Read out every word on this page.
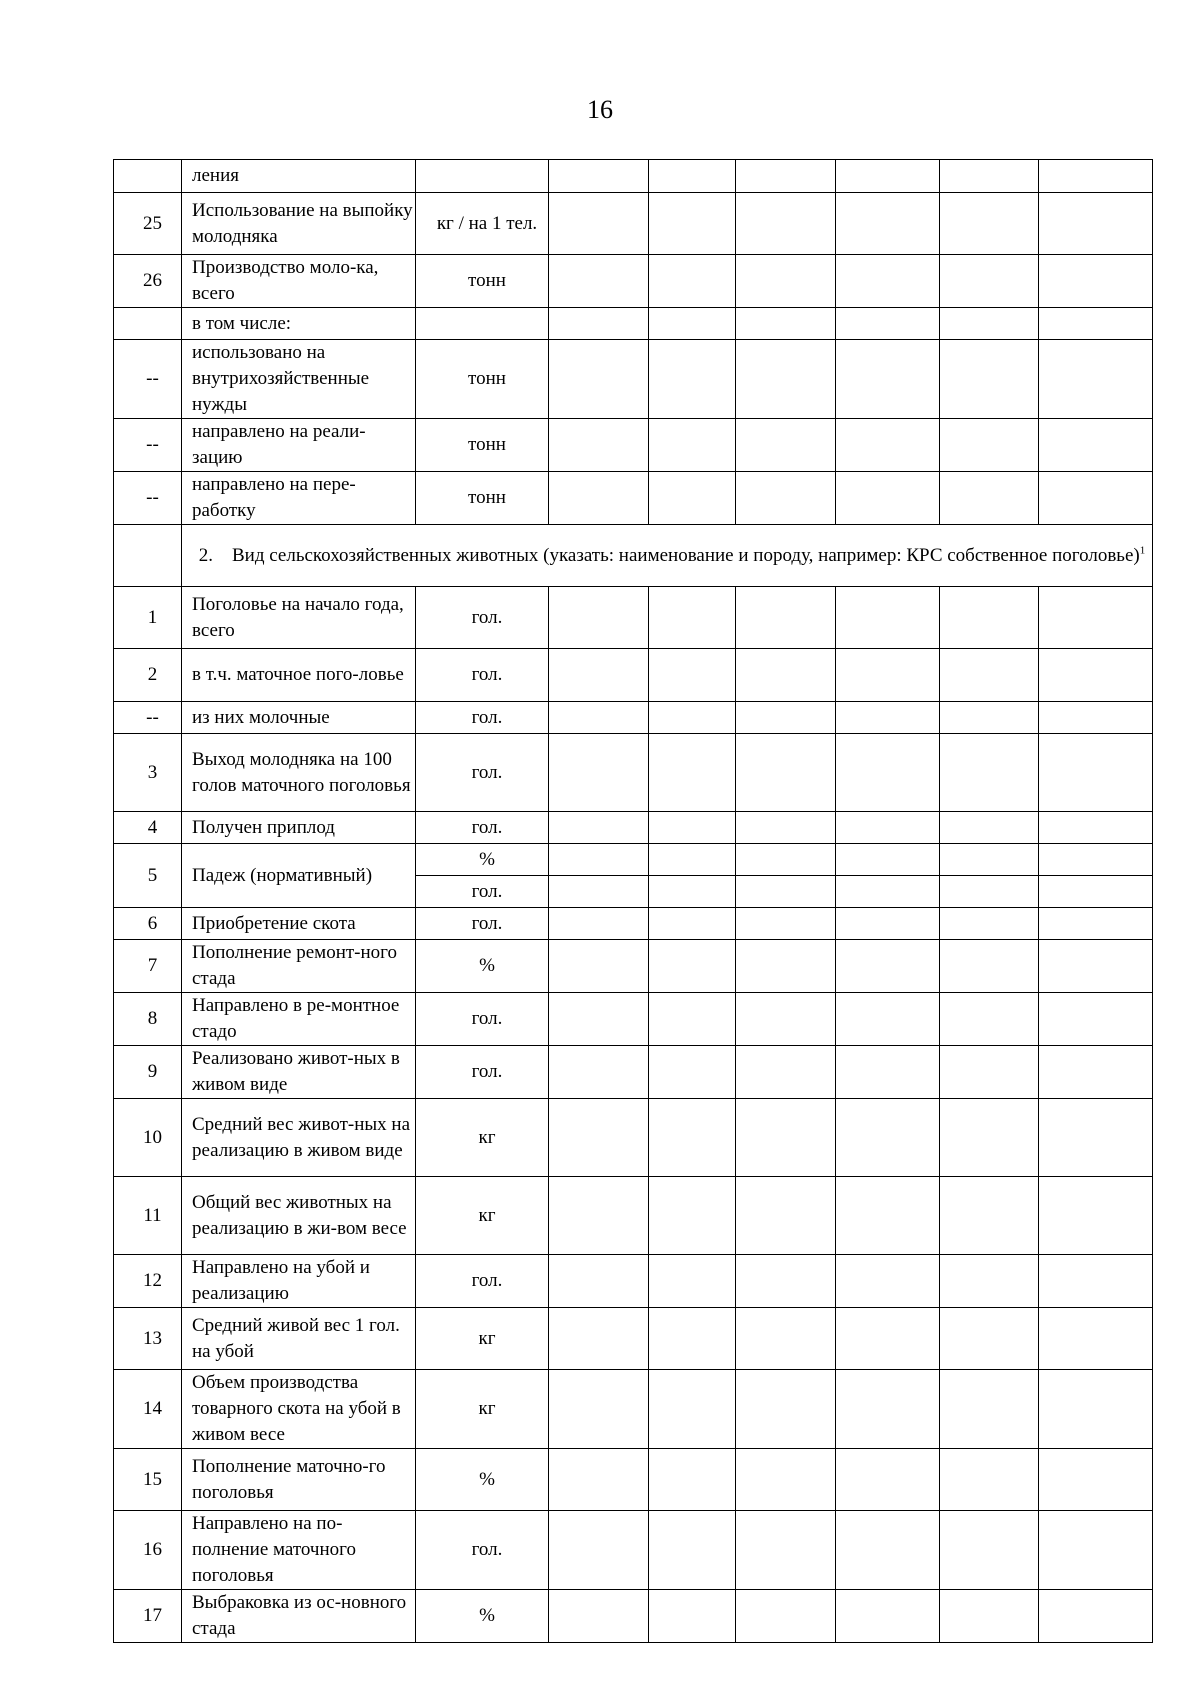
16
	ления							
25	Использование на выпойку молодняка	кг / на 1 тел.						
26	Производство моло-ка, всего	тонн						
	в том числе:							
--	использовано на внутрихозяйственные нужды	тонн						
--	направлено на реали-зацию	тонн						
--	направлено на пере-работку	тонн						
	2. Вид сельскохозяйственных животных (указать: наименование и породу, например: КРС собственное поголовье)$^1$
1	Поголовье на начало года, всего	гол.						
2	в т.ч. маточное пого-ловье	гол.						
--	из них молочные	гол.						
3	Выход молодняка на 100 голов маточного поголовья	гол.						
4	Получен приплод	гол.						
5	Падеж (нормативный)	%						
		гол.						
6	Приобретение скота	гол.						
7	Пополнение ремонт-ного стада	%						
8	Направлено в ре-монтное стадо	гол.						
9	Реализовано живот-ных в живом виде	гол.						
10	Средний вес живот-ных на реализацию в живом виде	кг						
11	Общий вес животных на реализацию в жи-вом весе	кг						
12	Направлено на убой и реализацию	гол.						
13	Средний живой вес 1 гол. на убой	кг						
14	Объем производства товарного скота на убой в живом весе	кг						
15	Пополнение маточно-го поголовья	%						
16	Направлено на по-полнение маточного поголовья	гол.						
17	Выбраковка из ос-новного стада	%						
